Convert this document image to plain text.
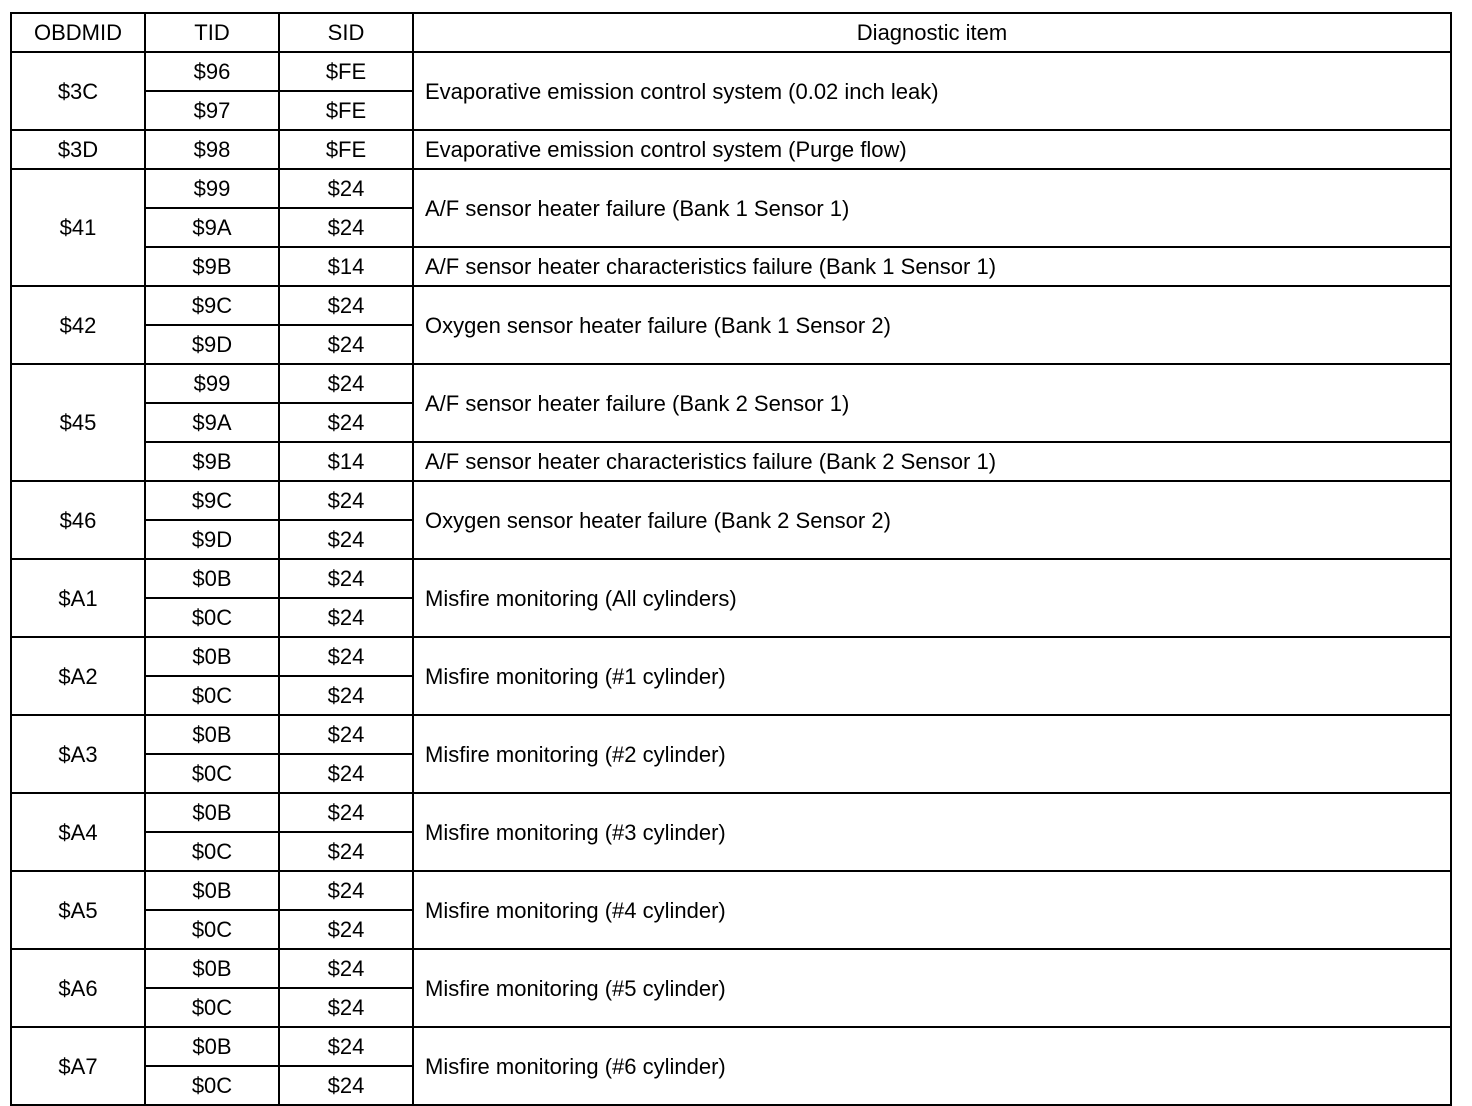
OBDMID	TID	SID	Diagnostic item
$3C	$96	$FE	Evaporative emission control system (0.02 inch leak)
	$97	$FE	
$3D	$98	$FE	Evaporative emission control system (Purge flow)
$41	$99	$24	A/F sensor heater failure (Bank 1 Sensor 1)
	$9A	$24	
	$9B	$14	A/F sensor heater characteristics failure (Bank 1 Sensor 1)
$42	$9C	$24	Oxygen sensor heater failure (Bank 1 Sensor 2)
	$9D	$24	
$45	$99	$24	A/F sensor heater failure (Bank 2 Sensor 1)
	$9A	$24	
	$9B	$14	A/F sensor heater characteristics failure (Bank 2 Sensor 1)
$46	$9C	$24	Oxygen sensor heater failure (Bank 2 Sensor 2)
	$9D	$24	
$A1	$0B	$24	Misfire monitoring (All cylinders)
	$0C	$24	
$A2	$0B	$24	Misfire monitoring (#1 cylinder)
	$0C	$24	
$A3	$0B	$24	Misfire monitoring (#2 cylinder)
	$0C	$24	
$A4	$0B	$24	Misfire monitoring (#3 cylinder)
	$0C	$24	
$A5	$0B	$24	Misfire monitoring (#4 cylinder)
	$0C	$24	
$A6	$0B	$24	Misfire monitoring (#5 cylinder)
	$0C	$24	
$A7	$0B	$24	Misfire monitoring (#6 cylinder)
	$0C	$24	
